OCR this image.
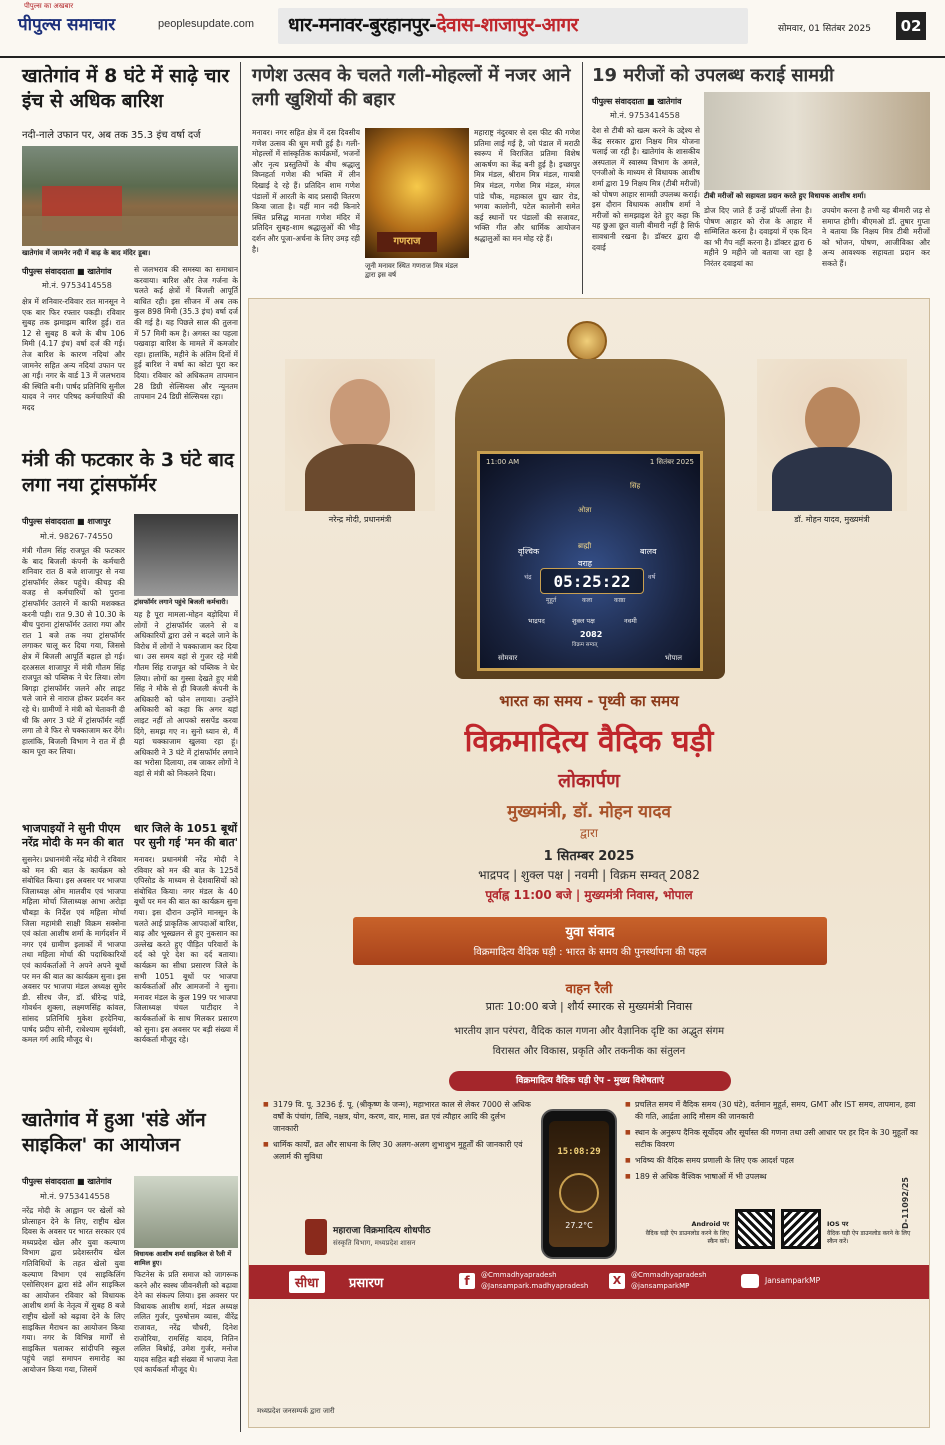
पीपुल्स का अखबार
पीपुल्स समाचार	peoplesupdate.com धार-मनावर-बुरहानपुर-देवास-शाजापुर-आगर	सोमवार, 01 सितंबर 2025	02
खातेगांव में 8 घंटे में साढ़े चार इंच से अधिक बारिश
नदी-नाले उफान पर, अब तक 35.3 इंच वर्षा दर्ज
खातेगांव में जामनेर नदी में बाढ़ के बाद मंदिर डूबा।
पीपुल्स संवाददाता ■ खातेगांव
मो.नं. 9753414558
क्षेत्र में शनिवार-रविवार रात मानसून ने एक बार फिर रफ्तार पकड़ी। रविवार सुबह तक झमाझम बारिश हुई। रात 12 से सुबह 8 बजे के बीच 106 मिमी (4.17 इंच) वर्षा दर्ज की गई। तेज बारिश के कारण नदियां और जामनेर सहित अन्य नदियां उफान पर आ गईं। नगर के वार्ड 13 में जलभराव की स्थिति बनी। पार्षद प्रतिनिधि सुनील यादव ने नगर परिषद कर्मचारियों की मदद
से जलभराव की समस्या का समाधान करवाया। बारिश और तेज गर्जना के चलते कई क्षेत्रों में बिजली आपूर्ति बाधित रही। इस सीजन में अब तक कुल 898 मिमी (35.3 इंच) वर्षा दर्ज की गई है। यह पिछले साल की तुलना में 57 मिमी कम है। अगस्त का पहला पखवाड़ा बारिश के मामले में कमजोर रहा। हालांकि, महीने के अंतिम दिनों में हुई बारिश ने वर्षा का कोटा पूरा कर दिया। रविवार को अधिकतम तापमान 28 डिग्री सेल्सियस और न्यूनतम तापमान 24 डिग्री सेल्सियस रहा।
मंत्री की फटकार के 3 घंटे बाद लगा नया ट्रांसफॉर्मर
पीपुल्स संवाददाता ■ शाजापुर
मो.नं. 98267-74550
ट्रांसफॉर्मर लगाने पहुंचे बिजली कर्मचारी।
मंत्री गौतम सिंह राजपूत की फटकार के बाद बिजली कंपनी के कर्मचारी शनिवार रात 8 बजे शाजापुर से नया ट्रांसफॉर्मर लेकर पहुंचे। कीचड़ की वजह से कर्मचारियों को पुराना ट्रांसफॉर्मर उतारने में काफी मशक्कत करनी पड़ी। रात 9.30 से 10.30 के बीच पुराना ट्रांसफॉर्मर उतारा गया और रात 1 बजे तक नया ट्रांसफॉर्मर लगाकर चालू कर दिया गया, जिससे क्षेत्र में बिजली आपूर्ति बहाल हो गई। दरअसल शाजापुर में मंत्री गौतम सिंह राजपूत को पब्लिक ने घेर लिया। लोग बिगड़ा ट्रांसफॉर्मर जलने और लाइट चले जाने से नाराज होकर प्रदर्शन कर रहे थे। ग्रामीणों ने मंत्री को चेतावनी दी थी कि अगर 3 घंटे में ट्रांसफॉर्मर नहीं लगा तो वे फिर से चक्काजाम कर देंगे। हालांकि, बिजली विभाग ने रात में ही काम पूरा कर लिया।
यह है पूरा मामला-मोहन बड़ोदिया में लोगों ने ट्रांसफॉर्मर जलने से व अधिकारियों द्वारा उसे न बदले जाने के विरोध में लोगों ने चक्काजाम कर दिया था। उस समय वहां से गुजर रहे मंत्री गौतम सिंह राजपूत को पब्लिक ने घेर लिया। लोगों का गुस्सा देखते हुए मंत्री सिंह ने मौके से ही बिजली कंपनी के अधिकारी को फोन लगाया। उन्होंने अधिकारी को कहा कि अगर यहां लाइट नहीं तो आपको ससपेंड करवा दिंगे, समझ गए न। सुनो ध्यान से, मैं यहां चक्काजाम खुलवा रहा हूं। अधिकारी ने 3 घंटे में ट्रांसफॉर्मर लगाने का भरोसा दिलाया, तब जाकर लोगों ने वहां से मंत्री को निकलने दिया।
भाजपाइयों ने सुनी पीएम नरेंद्र मोदी के मन की बात
सुसनेर। प्रधानमंत्री नरेंद्र मोदी ने रविवार को मन की बात के कार्यक्रम को संबोधित किया। इस अवसर पर भाजपा जिलाध्यक्ष ओम मालवीय एवं भाजपा महिला मोर्चा जिलाध्यक्ष आभा अरोड़ा चौबड़ा के निर्देश एवं महिला मोर्चा जिला महामंत्री साक्षी विक्रम सक्सेना एवं कांता आशीष शर्मा के मार्गदर्शन में नगर एवं ग्रामीण इलाकों में भाजपा तथा महिला मोर्चा की पदाधिकारियों एवं कार्यकर्ताओं ने अपने अपने बूथों पर मन की बात का कार्यक्रम सुना। इस अवसर पर भाजपा मंडल अध्यक्ष सुमेर डी. सीरथ जैन, डॉ. धीरेन्द्र पांडे, गोवर्धन शुक्ला, लक्ष्मणसिंह कांवल, सांसद प्रतिनिधि मुकेश हरदेनिया, पार्षद प्रदीप सोनी, राधेश्याम सूर्यवंशी, कमल गर्ग आदि मौजूद थे।
धार जिले के 1051 बूथों पर सुनी गई 'मन की बात'
मनावर। प्रधानमंत्री नरेंद्र मोदी ने रविवार को मन की बात के 125वें एपिसोड के माध्यम से देशवासियों को संबोधित किया। नगर मंडल के 40 बूथों पर मन की बात का कार्यक्रम सुना गया। इस दौरान उन्होंने मानसून के चलते आई प्राकृतिक आपदाओं बारिश, बाढ़ और भूस्खलन से हुए नुकसान का उल्लेख करते हुए पीड़ित परिवारों के दर्द को पूरे देश का दर्द बताया। कार्यक्रम का सीधा प्रसारण जिले के सभी 1051 बूथों पर भाजपा कार्यकर्ताओं और आमजनों ने सुना। मनावर मंडल के कुल 199 पर भाजपा जिलाध्यक्ष चंचल पाटीदार ने कार्यकर्ताओं के साथ मिलकर प्रसारण को सुना। इस अवसर पर बड़ी संख्या में कार्यकर्ता मौजूद रहे।
खातेगांव में हुआ 'संडे ऑन साइकिल' का आयोजन
पीपुल्स संवाददाता ■ खातेगांव
मो.नं. 9753414558
विधायक आशीष शर्मा साइकिल से रैली में शामिल हुए।
नरेंद्र मोदी के आह्वान पर खेलों को प्रोत्साहन देने के लिए, राष्ट्रीय खेल दिवस के अवसर पर भारत सरकार एवं मध्यप्रदेश खेल और युवा कल्याण विभाग द्वारा प्रदेशस्तरीय खेल गतिविधियों के तहत खेलो युवा कल्याण विभाग एवं साइकिलिंग एसोसिएशन द्वारा संडे ऑन साइकिल का आयोजन रविवार को विधायक आशीष शर्मा के नेतृत्व में सुबह 8 बजे राष्ट्रीय खेलों को बढ़ावा देने के लिए साइकिल मैराथन का आयोजन किया गया। नगर के विभिन्न मार्गों से साइकिल चलाकर सांदीपनि स्कूल पहुंचे जहां समापन समारोह का आयोजन किया गया, जिसमें
फिटनेस के प्रति समाज को जागरूक करने और स्वस्थ जीवनशैली को बढ़ावा देने का संकल्प लिया। इस अवसर पर विधायक आशीष शर्मा, मंडल अध्यक्ष ललित गुर्जर, पुरुषोत्तम व्यास, वीरेंद्र राजावत, नरेंद्र चौधरी, दिनेश राजोरिया, रामसिंह यादव, नितिन ललित बिश्नोई, उमेश गुर्जर, मनोज यादव सहित बड़ी संख्या में भाजपा नेता एवं कार्यकर्ता मौजूद थे।
गणेश उत्सव के चलते गली-मोहल्लों में नजर आने लगी खुशियों की बहार
मनावर। नगर सहित क्षेत्र में दस दिवसीय गणेश उत्सव की धूम मची हुई है। गली-मोहल्लों में सांस्कृतिक कार्यक्रमों, भजनों और नृत्य प्रस्तुतियों के बीच श्रद्धालु विघ्नहर्ता गणेश की भक्ति में लीन दिखाई दे रहे हैं। प्रतिदिन शाम गणेश पंडालों में आरती के बाद प्रसादी वितरण किया जाता है। यहीं मान नदी किनारे स्थित प्रसिद्ध मानता गणेश मंदिर में प्रतिदिन सुबह-शाम श्रद्धालुओं की भीड़ दर्शन और पूजा-अर्चना के लिए उमड़ रही है।
गणराज
जूनी मनावर स्थित गणराज मित्र मंडल द्वारा इस वर्ष
महाराष्ट्र नंदुरबार से दस फीट की गणेश प्रतिमा लाई गई है, जो पंडाल में मराठी स्वरूप में विराजित प्रतिमा विशेष आकर्षण का केंद्र बनी हुई है। इच्छापुर मित्र मंडल, श्रीराम मित्र मंडल, गायत्री मित्र मंडल, गणेश मित्र मंडल, मंगल पांडे चौक, महाकाल ग्रुप खार रोड, भगवा कालोनी, पटेल कालोनी समेत कई स्थानों पर पंडालों की सजावट, भक्ति गीत और धार्मिक आयोजन श्रद्धालुओं का मन मोह रहे हैं।
19 मरीजों को उपलब्ध कराई सामग्री
पीपुल्स संवाददाता ■ खातेगांव
मो.नं. 9753414558
टीबी मरीजों को सहायता प्रदान करते हुए विधायक आशीष शर्मा।
देश से टीबी को खत्म करने के उद्देश्य से केंद्र सरकार द्वारा निक्षय मित्र योजना चलाई जा रही है। खातेगांव के शासकीय अस्पताल में स्वास्थ्य विभाग के अमले, एनजीओ के माध्यम से विधायक आशीष शर्मा द्वारा 19 निक्षय मित्र (टीबी मरीजों) को पोषण आहार सामग्री उपलब्ध कराई। इस दौरान विधायक आशीष शर्मा ने मरीजों को समझाइश देते हुए कहा कि यह छुआ छूत वाली बीमारी नहीं है सिर्फ सावधानी रखना है। डॉक्टर द्वारा दी दवाई
डोज दिए जाते हैं उन्हें प्रॉपर्ली लेना है। पोषण आहार को रोज के आहार में सम्मिलित करना है। दवाइयां में एक दिन का भी गैप नहीं करना है। डॉक्टर द्वारा 6 महीने 9 महीने जो बताया जा रहा है निरंतर दवाइयां का
उपयोग करना है तभी यह बीमारी जड़ से समाप्त होगी। बीएमओ डॉ. तुषार गुप्ता ने बताया कि निक्षय मित्र टीबी मरीजों को भोजन, पोषण, आजीविका और अन्य आवश्यक सहायता प्रदान कर सकते हैं।
नरेन्द्र मोदी, प्रधानमंत्री	डॉ. मोहन यादव, मुख्यमंत्री
11:00 AM	1 सितंबर 2025
सिंह
ओज्ञा
ब्राह्मी
वृश्चिक	बालव
वराह
चंद्र	05:25:22	वर्ष
मुहूर्त	कला	काष्ठा
भाद्रपद	शुक्ल पक्ष	नवमी
2082
विक्रम सम्वत्
सोमवार	भोपाल
भारत का समय - पृथ्वी का समय
विक्रमादित्य वैदिक घड़ी
लोकार्पण
मुख्यमंत्री, डॉ. मोहन यादव
द्वारा
1 सितम्बर 2025
भाद्रपद | शुक्ल पक्ष | नवमी | विक्रम सम्वत् 2082
पूर्वाह्न 11:00 बजे | मुख्यमंत्री निवास, भोपाल
युवा संवाद
विक्रमादित्य वैदिक घड़ी : भारत के समय की पुनर्स्थापना की पहल
वाहन रैली
प्रातः 10:00 बजे | शौर्य स्मारक से मुख्यमंत्री निवास
भारतीय ज्ञान परंपरा, वैदिक काल गणना और वैज्ञानिक दृष्टि का अद्भुत संगम
विरासत और विकास, प्रकृति और तकनीक का संतुलन
विक्रमादित्य वैदिक घड़ी ऐप - मुख्य विशेषताएं
■ 3179 वि. पू. 3236 ई. पू. (श्रीकृष्ण के जन्म), महाभारत काल से लेकर 7000 से अधिक वर्षों के पंचांग, तिथि, नक्षत्र, योग, करण, वार, मास, व्रत एवं त्यौहार आदि की दुर्लभ जानकारी
■ धार्मिक कार्यों, व्रत और साधना के लिए 30 अलग-अलग शुभाशुभ मुहूर्तों की जानकारी एवं अलार्म की सुविधा
■ प्रचलित समय में वैदिक समय (30 घंटे), वर्तमान मुहूर्त, समय, GMT और IST समय, तापमान, हवा की गति, आर्द्रता आदि मौसम की जानकारी
■ स्थान के अनुरूप दैनिक सूर्योदय और सूर्यास्त की गणना तथा उसी आधार पर हर दिन के 30 मुहूर्तों का सटीक विवरण
■ भविष्य की वैदिक समय प्रणाली के लिए एक आदर्श पहल
■ 189 से अधिक वैश्विक भाषाओं में भी उपलब्ध
15:08:29
27.2°C
महाराजा विक्रमादित्य शोधपीठ
संस्कृति विभाग, मध्यप्रदेश शासन
Android पर
वैदिक घड़ी ऐप डाउनलोड करने के लिए स्कैन करें।
IOS पर
वैदिक घड़ी ऐप डाउनलोड करने के लिए स्कैन करें।
सीधा	प्रसारण	f	@Cmmadhyapradesh
@Jansampark.madhyapradesh	X	@Cmmadhyapradesh
@jansamparkMP
JansamparkMP
मध्यप्रदेश जनसम्पर्क द्वारा जारी
D-11092/25
